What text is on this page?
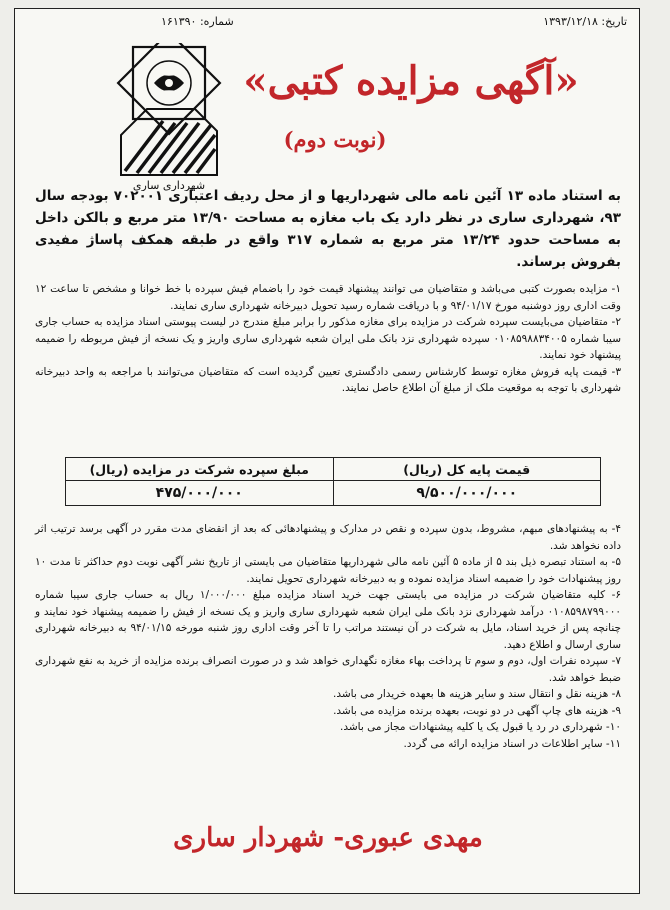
تاریخ: ۱۳۹۳/۱۲/۱۸
شماره: ۱۶۱۳۹۰
شهرداری ساری
«آگهی مزایده کتبی»
(نوبت دوم)

به استناد ماده ۱۳ آئین نامه مالی شهرداریها و از محل ردیف اعتباری ۷۰۲۰۰۱ بودجه سال ۹۳، شهرداری ساری در نظر دارد یک باب مغازه به مساحت ۱۳/۹۰ متر مربع و بالکن داخل به مساحت حدود ۱۳/۲۴ متر مربع به شماره ۳۱۷ واقع در طبقه همکف پاساژ مفیدی بفروش برساند.

۱- مزایده بصورت کتبی می‌باشد و متقاضیان می توانند پیشنهاد قیمت خود را باضمام فیش سپرده با خط خوانا و مشخص تا ساعت ۱۲ وقت اداری روز دوشنبه مورخ ۹۴/۰۱/۱۷ و با دریافت شماره رسید تحویل دبیرخانه شهرداری ساری نمایند.
۲- متقاضیان می‌بایست سپرده شرکت در مزایده برای مغازه مذکور را برابر مبلغ مندرج در لیست پیوستی اسناد مزایده به حساب جاری سیبا شماره ۰۱۰۸۵۹۸۸۳۴۰۰۵ سپرده شهرداری نزد بانک ملی ایران شعبه شهرداری ساری واریز و یک نسخه از فیش مربوطه را ضمیمه پیشنهاد خود نمایند.
۳- قیمت پایه فروش مغازه توسط کارشناس رسمی دادگستری تعیین گردیده است که متقاضیان می‌توانند با مراجعه به واحد دبیرخانه شهرداری با توجه به موقعیت ملک از مبلغ آن اطلاع حاصل نمایند.
قیمت پایه کل (ریال)	مبلغ سپرده شرکت در مزایده (ریال)
۹/۵۰۰/۰۰۰/۰۰۰	۴۷۵/۰۰۰/۰۰۰
۴- به پیشنهادهای مبهم، مشروط، بدون سپرده و نقص در مدارک و پیشنهادهائی که بعد از انقضای مدت مقرر در آگهی برسد ترتیب اثر داده نخواهد شد.
۵- به استناد تبصره ذیل بند ۵ از ماده ۵ آئین نامه مالی شهرداریها متقاضیان می بایستی از تاریخ نشر آگهی نوبت دوم حداکثر تا مدت ۱۰ روز پیشنهادات خود را ضمیمه اسناد مزایده نموده و به دبیرخانه شهرداری تحویل نمایند.
۶- کلیه متقاضیان شرکت در مزایده می بایستی جهت خرید اسناد مزایده مبلغ ۱/۰۰۰/۰۰۰ ریال به حساب جاری سیبا شماره ۰۱۰۸۵۹۸۷۹۹۰۰۰ درآمد شهرداری نزد بانک ملی ایران شعبه شهرداری ساری واریز و یک نسخه از فیش را ضمیمه پیشنهاد خود نمایند و چنانچه پس از خرید اسناد، مایل به شرکت در آن نیستند مراتب را تا آخر وقت اداری روز شنبه مورخه ۹۴/۰۱/۱۵ به دبیرخانه شهرداری ساری ارسال و اطلاع دهید.
۷- سپرده نفرات اول، دوم و سوم تا پرداخت بهاء مغازه نگهداری خواهد شد و در صورت انصراف برنده مزایده از خرید به نفع شهرداری ضبط خواهد شد.
۸- هزینه نقل و انتقال سند و سایر هزینه ها بعهده خریدار می باشد.
۹- هزینه های چاپ آگهی در دو نوبت، بعهده برنده مزایده می باشد.
۱۰- شهرداری در رد یا قبول یک یا کلیه پیشنهادات مجاز می باشد.
۱۱- سایر اطلاعات در اسناد مزایده ارائه می گردد.
مهدی عبوری- شهردار ساری
